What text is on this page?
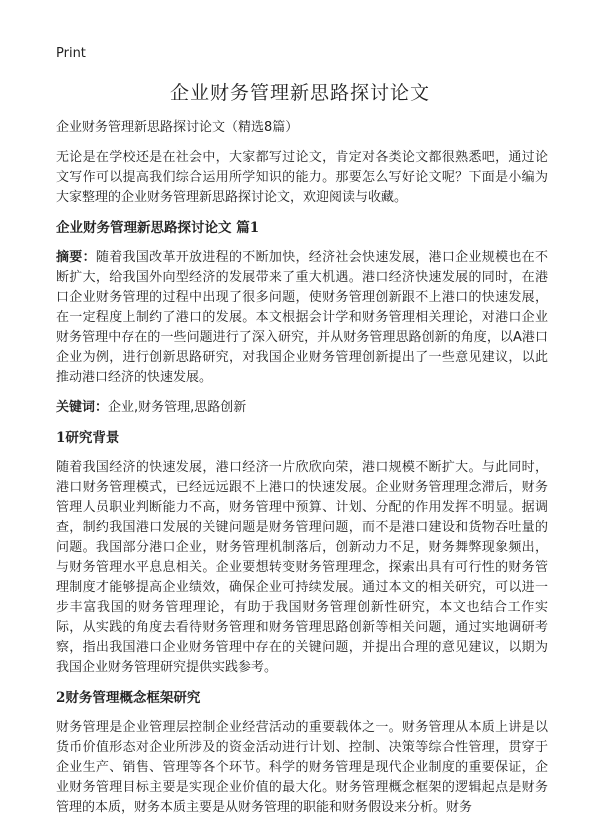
Print
企业财务管理新思路探讨论文

企业财务管理新思路探讨论文（精选8篇）

无论是在学校还是在社会中，大家都写过论文，肯定对各类论文都很熟悉吧，通过论文写作可以提高我们综合运用所学知识的能力。那要怎么写好论文呢？下面是小编为大家整理的企业财务管理新思路探讨论文，欢迎阅读与收藏。

企业财务管理新思路探讨论文 篇1

摘要：随着我国改革开放进程的不断加快，经济社会快速发展，港口企业规模也在不断扩大，给我国外向型经济的发展带来了重大机遇。港口经济快速发展的同时，在港口企业财务管理的过程中出现了很多问题，使财务管理创新跟不上港口的快速发展，在一定程度上制约了港口的发展。本文根据会计学和财务管理相关理论，对港口企业财务管理中存在的一些问题进行了深入研究，并从财务管理思路创新的角度，以A港口企业为例，进行创新思路研究，对我国企业财务管理创新提出了一些意见建议，以此推动港口经济的快速发展。

关键词：企业,财务管理,思路创新

1研究背景

随着我国经济的快速发展，港口经济一片欣欣向荣，港口规模不断扩大。与此同时，港口财务管理模式，已经远远跟不上港口的快速发展。企业财务管理理念滞后，财务管理人员职业判断能力不高，财务管理中预算、计划、分配的作用发挥不明显。据调查，制约我国港口发展的关键问题是财务管理问题，而不是港口建设和货物吞吐量的问题。我国部分港口企业，财务管理机制落后，创新动力不足，财务舞弊现象频出，与财务管理水平息息相关。企业要想转变财务管理理念，探索出具有可行性的财务管理制度才能够提高企业绩效，确保企业可持续发展。通过本文的相关研究，可以进一步丰富我国的财务管理理论，有助于我国财务管理创新性研究，本文也结合工作实际，从实践的角度去看待财务管理和财务管理思路创新等相关问题，通过实地调研考察，指出我国港口企业财务管理中存在的关键问题，并提出合理的意见建议，以期为我国企业财务管理研究提供实践参考。

2财务管理概念框架研究

财务管理是企业管理层控制企业经营活动的重要载体之一。财务管理从本质上讲是以货币价值形态对企业所涉及的资金活动进行计划、控制、决策等综合性管理，贯穿于企业生产、销售、管理等各个环节。科学的财务管理是现代企业制度的重要保证，企业财务管理目标主要是实现企业价值的最大化。财务管理概念框架的逻辑起点是财务管理的本质，财务本质主要是从财务管理的职能和财务假设来分析。财务
